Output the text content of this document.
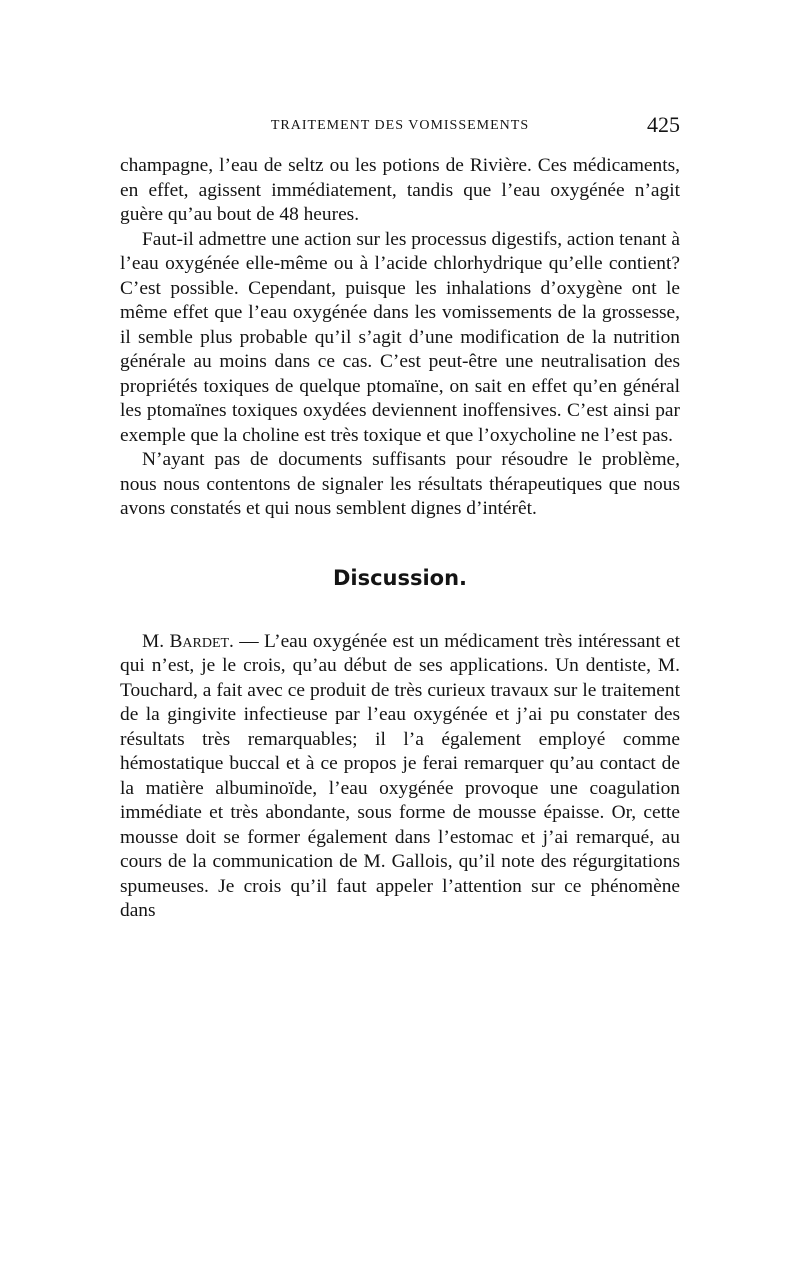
TRAITEMENT DES VOMISSEMENTS	425

champagne, l’eau de seltz ou les potions de Rivière. Ces médicaments, en effet, agissent immédiatement, tandis que l’eau oxygénée n’agit guère qu’au bout de 48 heures.

Faut-il admettre une action sur les processus digestifs, action tenant à l’eau oxygénée elle-même ou à l’acide chlorhydrique qu’elle contient? C’est possible. Cependant, puisque les inhalations d’oxygène ont le même effet que l’eau oxygénée dans les vomissements de la grossesse, il semble plus probable qu’il s’agit d’une modification de la nutrition générale au moins dans ce cas. C’est peut-être une neutralisation des propriétés toxiques de quelque ptomaïne, on sait en effet qu’en général les ptomaïnes toxiques oxydées deviennent inoffensives. C’est ainsi par exemple que la choline est très toxique et que l’oxycholine ne l’est pas.

N’ayant pas de documents suffisants pour résoudre le problème, nous nous contentons de signaler les résultats thérapeutiques que nous avons constatés et qui nous semblent dignes d’intérêt.

Discussion.

M. Bardet. — L’eau oxygénée est un médicament très intéressant et qui n’est, je le crois, qu’au début de ses applications. Un dentiste, M. Touchard, a fait avec ce produit de très curieux travaux sur le traitement de la gingivite infectieuse par l’eau oxygénée et j’ai pu constater des résultats très remarquables; il l’a également employé comme hémostatique buccal et à ce propos je ferai remarquer qu’au contact de la matière albuminoïde, l’eau oxygénée provoque une coagulation immédiate et très abondante, sous forme de mousse épaisse. Or, cette mousse doit se former également dans l’estomac et j’ai remarqué, au cours de la communication de M. Gallois, qu’il note des régurgitations spumeuses. Je crois qu’il faut appeler l’attention sur ce phénomène dans
